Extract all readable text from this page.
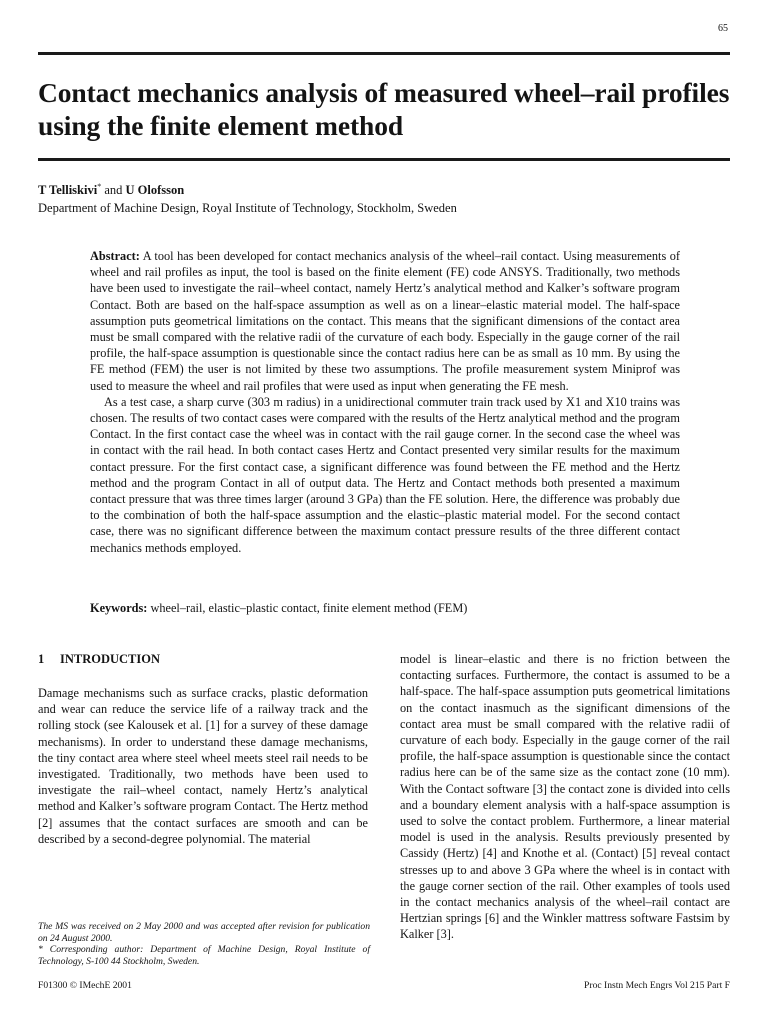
65
Contact mechanics analysis of measured wheel–rail profiles using the finite element method
T Telliskivi* and U Olofsson
Department of Machine Design, Royal Institute of Technology, Stockholm, Sweden

Abstract: A tool has been developed for contact mechanics analysis of the wheel–rail contact. Using measurements of wheel and rail profiles as input, the tool is based on the finite element (FE) code ANSYS. Traditionally, two methods have been used to investigate the rail–wheel contact, namely Hertz’s analytical method and Kalker’s software program Contact. Both are based on the half-space assumption as well as on a linear–elastic material model. The half-space assumption puts geometrical limitations on the contact. This means that the significant dimensions of the contact area must be small compared with the relative radii of the curvature of each body. Especially in the gauge corner of the rail profile, the half-space assumption is questionable since the contact radius here can be as small as 10 mm. By using the FE method (FEM) the user is not limited by these two assumptions. The profile measurement system Miniprof was used to measure the wheel and rail profiles that were used as input when generating the FE mesh.

As a test case, a sharp curve (303 m radius) in a unidirectional commuter train track used by X1 and X10 trains was chosen. The results of two contact cases were compared with the results of the Hertz analytical method and the program Contact. In the first contact case the wheel was in contact with the rail gauge corner. In the second case the wheel was in contact with the rail head. In both contact cases Hertz and Contact presented very similar results for the maximum contact pressure. For the first contact case, a significant difference was found between the FE method and the Hertz method and the program Contact in all of output data. The Hertz and Contact methods both presented a maximum contact pressure that was three times larger (around 3 GPa) than the FE solution. Here, the difference was probably due to the combination of both the half-space assumption and the elastic–plastic material model. For the second contact case, there was no significant difference between the maximum contact pressure results of the three different contact mechanics methods employed.

Keywords: wheel–rail, elastic–plastic contact, finite element method (FEM)
1 INTRODUCTION

Damage mechanisms such as surface cracks, plastic deformation and wear can reduce the service life of a railway track and the rolling stock (see Kalousek et al. [1] for a survey of these damage mechanisms). In order to understand these damage mechanisms, the tiny contact area where steel wheel meets steel rail needs to be investigated. Traditionally, two methods have been used to investigate the rail–wheel contact, namely Hertz’s analytical method and Kalker’s software program Contact. The Hertz method [2] assumes that the contact surfaces are smooth and can be described by a second-degree polynomial. The material

model is linear–elastic and there is no friction between the contacting surfaces. Furthermore, the contact is assumed to be a half-space. The half-space assumption puts geometrical limitations on the contact inasmuch as the significant dimensions of the contact area must be small compared with the relative radii of curvature of each body. Especially in the gauge corner of the rail profile, the half-space assumption is questionable since the contact radius here can be of the same size as the contact zone (10 mm). With the Contact software [3] the contact zone is divided into cells and a boundary element analysis with a half-space assumption is used to solve the contact problem. Furthermore, a linear material model is used in the analysis. Results previously presented by Cassidy (Hertz) [4] and Knothe et al. (Contact) [5] reveal contact stresses up to and above 3 GPa where the wheel is in contact with the gauge corner section of the rail. Other examples of tools used in the contact mechanics analysis of the wheel–rail contact are Hertzian springs [6] and the Winkler mattress software Fastsim by Kalker [3].

The MS was received on 2 May 2000 and was accepted after revision for publication on 24 August 2000.

* Corresponding author: Department of Machine Design, Royal Institute of Technology, S-100 44 Stockholm, Sweden.

F01300 © IMechE 2001	Proc Instn Mech Engrs Vol 215 Part F
